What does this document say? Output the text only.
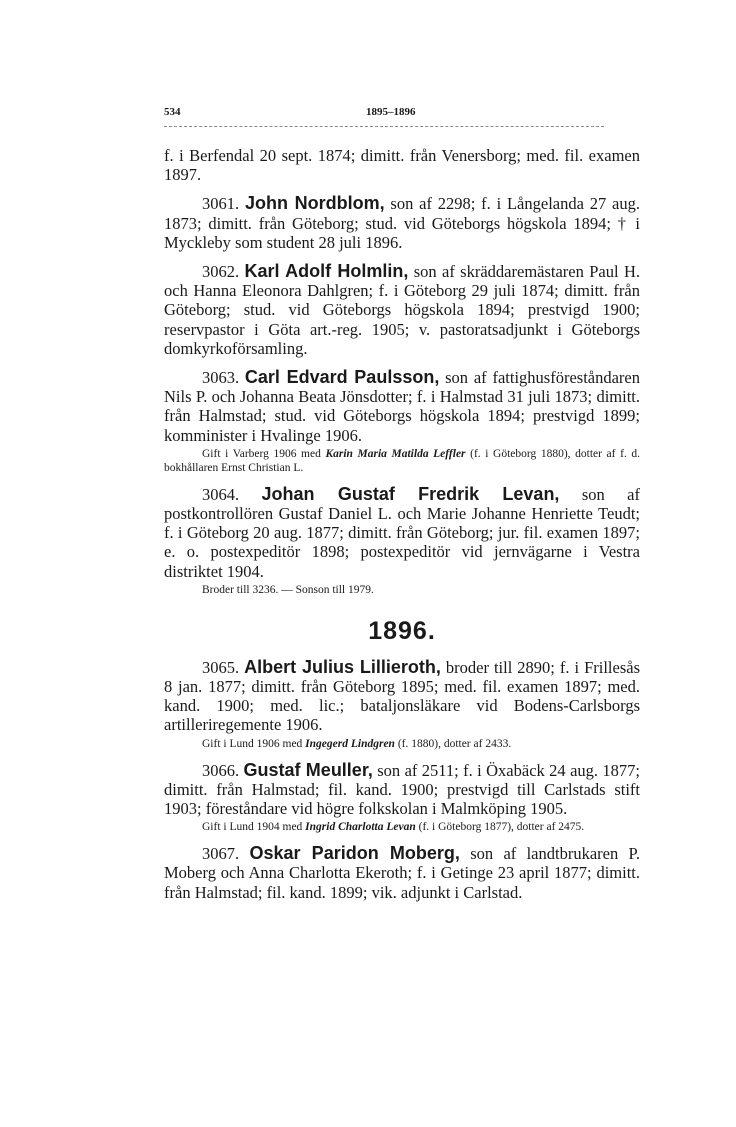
534	1895–1896

f. i Berfendal 20 sept. 1874; dimitt. från Venersborg; med. fil. examen 1897.

3061. John Nordblom, son af 2298; f. i Långelanda 27 aug. 1873; dimitt. från Göteborg; stud. vid Göteborgs högskola 1894; † i Myckleby som student 28 juli 1896.

3062. Karl Adolf Holmlin, son af skräddaremästaren Paul H. och Hanna Eleonora Dahlgren; f. i Göteborg 29 juli 1874; dimitt. från Göteborg; stud. vid Göteborgs högskola 1894; prestvigd 1900; reservpastor i Göta art.-reg. 1905; v. pastoratsadjunkt i Göteborgs domkyrkoförsamling.

3063. Carl Edvard Paulsson, son af fattighusföreståndaren Nils P. och Johanna Beata Jönsdotter; f. i Halmstad 31 juli 1873; dimitt. från Halmstad; stud. vid Göteborgs högskola 1894; prestvigd 1899; komminister i Hvalinge 1906.

Gift i Varberg 1906 med Karin Maria Matilda Leffler (f. i Göteborg 1880), dotter af f. d. bokhållaren Ernst Christian L.

3064. Johan Gustaf Fredrik Levan, son af postkontrollören Gustaf Daniel L. och Marie Johanne Henriette Teudt; f. i Göteborg 20 aug. 1877; dimitt. från Göteborg; jur. fil. examen 1897; e. o. postexpeditör 1898; postexpeditör vid jernvägarne i Vestra distriktet 1904.

Broder till 3236. — Sonson till 1979.

1896.

3065. Albert Julius Lillieroth, broder till 2890; f. i Frillesås 8 jan. 1877; dimitt. från Göteborg 1895; med. fil. examen 1897; med. kand. 1900; med. lic.; bataljonsläkare vid Bodens-Carlsborgs artilleriregemente 1906.

Gift i Lund 1906 med Ingegerd Lindgren (f. 1880), dotter af 2433.

3066. Gustaf Meuller, son af 2511; f. i Öxabäck 24 aug. 1877; dimitt. från Halmstad; fil. kand. 1900; prestvigd till Carlstads stift 1903; föreståndare vid högre folkskolan i Malmköping 1905.

Gift i Lund 1904 med Ingrid Charlotta Levan (f. i Göteborg 1877), dotter af 2475.

3067. Oskar Paridon Moberg, son af landtbrukaren P. Moberg och Anna Charlotta Ekeroth; f. i Getinge 23 april 1877; dimitt. från Halmstad; fil. kand. 1899; vik. adjunkt i Carlstad.
